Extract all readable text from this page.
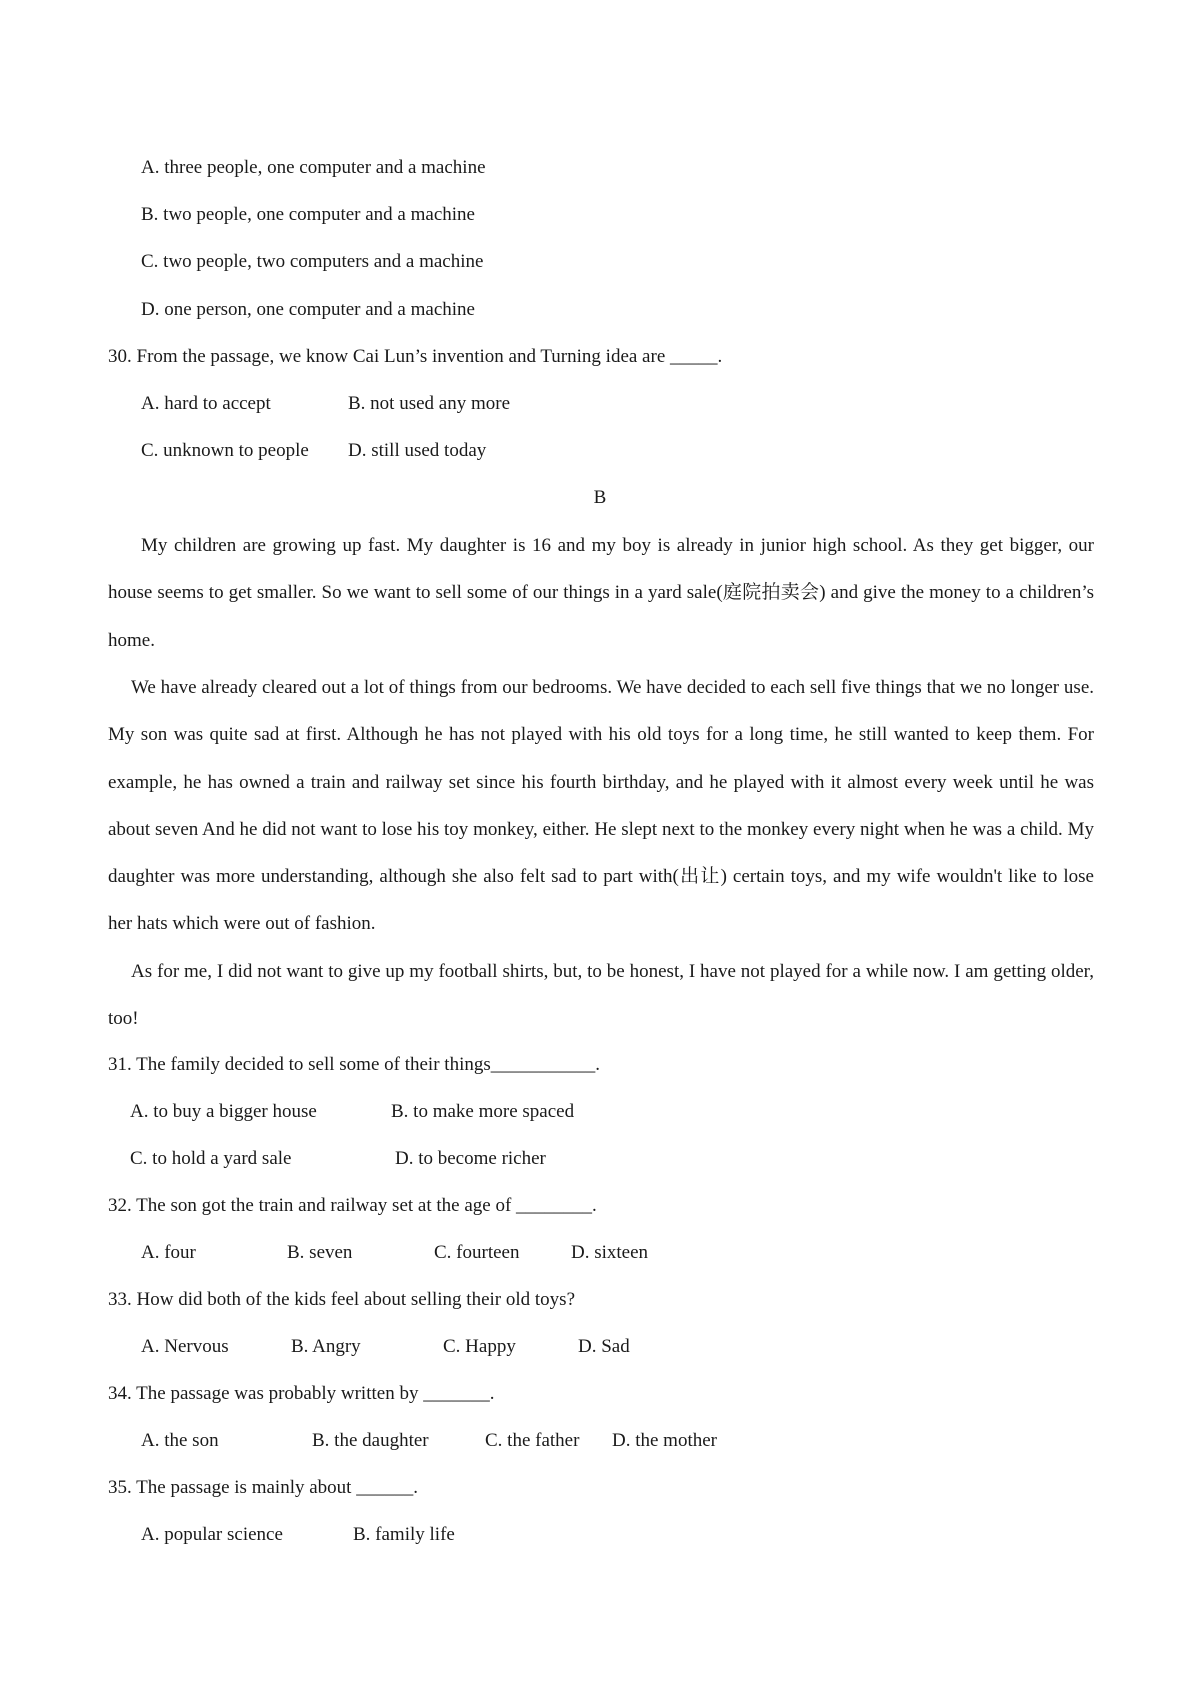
A. three people, one computer and a machine
B. two people, one computer and a machine
C. two people, two computers and a machine
D. one person, one computer and a machine
30. From the passage, we know Cai Lun’s invention and Turning idea are _____.
A. hard to accept	B. not used any more
C. unknown to people D. still used today
B

My children are growing up fast. My daughter is 16 and my boy is already in junior high school. As they get bigger, our house seems to get smaller. So we want to sell some of our things in a yard sale(庭院拍卖会) and give the money to a children’s home.

We have already cleared out a lot of things from our bedrooms. We have decided to each sell five things that we no longer use. My son was quite sad at first. Although he has not played with his old toys for a long time, he still wanted to keep them. For example, he has owned a train and railway set since his fourth birthday, and he played with it almost every week until he was about seven And he did not want to lose his toy monkey, either. He slept next to the monkey every night when he was a child. My daughter was more understanding, although she also felt sad to part with(出让) certain toys, and my wife wouldn't like to lose her hats which were out of fashion.

As for me, I did not want to give up my football shirts, but, to be honest, I have not played for a while now. I am getting older, too!

31. The family decided to sell some of their things___________.
A. to buy a bigger house	B. to make more spaced
C. to hold a yard sale	D. to become richer
32. The son got the train and railway set at the age of ________.
A. four	B. seven	C. fourteen	D. sixteen
33. How did both of the kids feel about selling their old toys?
A. Nervous	B. Angry	C. Happy	D. Sad
34. The passage was probably written by _______.
A. the son	B. the daughter	C. the father D. the mother
35. The passage is mainly about ______.
A. popular science	B. family life
